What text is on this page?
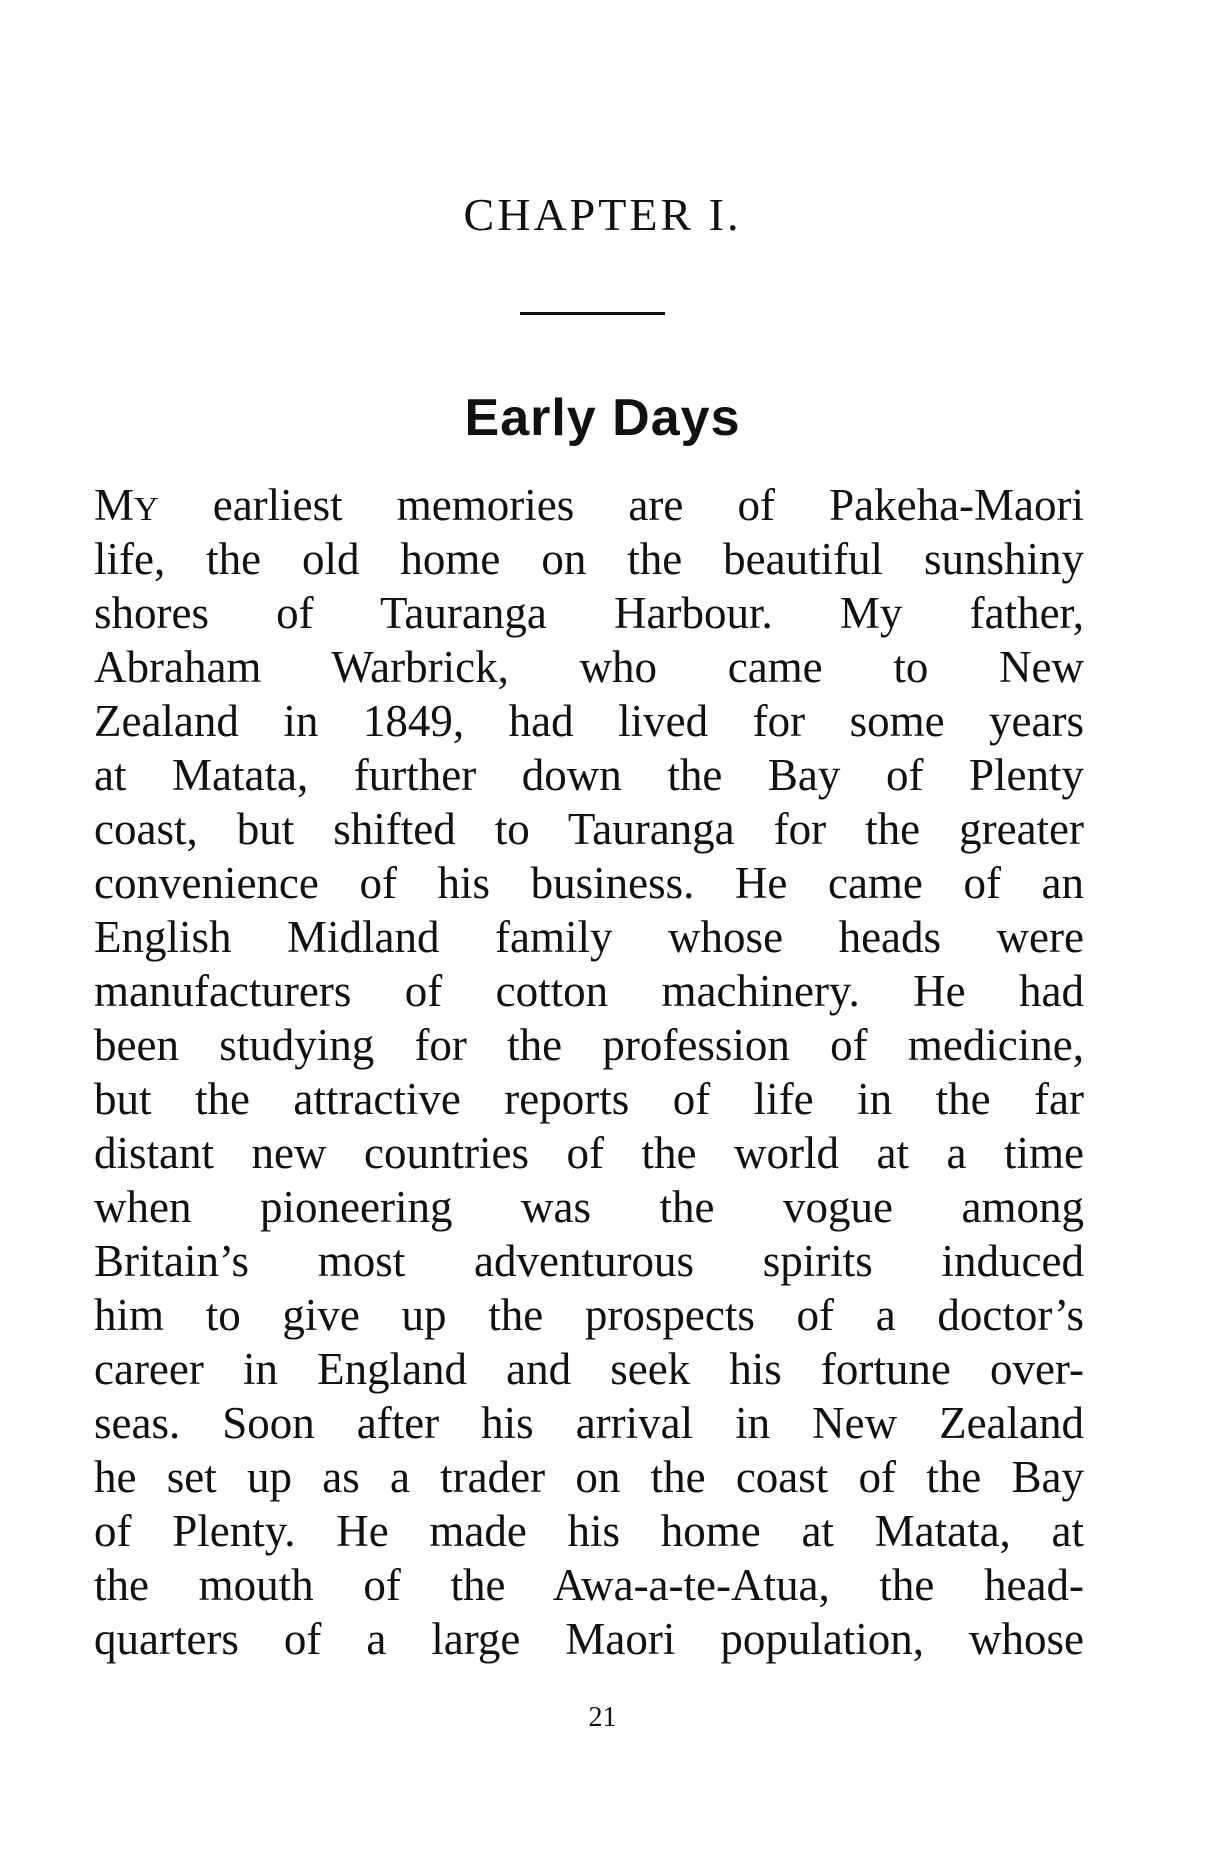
CHAPTER I.
Early Days
MY earliest memories are of Pakeha-Maori
life, the old home on the beautiful sunshiny
shores of Tauranga Harbour. My father,
Abraham Warbrick, who came to New
Zealand in 1849, had lived for some years
at Matata, further down the Bay of Plenty
coast, but shifted to Tauranga for the greater
convenience of his business. He came of an
English Midland family whose heads were
manufacturers of cotton machinery. He had
been studying for the profession of medicine,
but the attractive reports of life in the far
distant new countries of the world at a time
when pioneering was the vogue among
Britain’s most adventurous spirits induced
him to give up the prospects of a doctor’s
career in England and seek his fortune over-
seas. Soon after his arrival in New Zealand
he set up as a trader on the coast of the Bay
of Plenty. He made his home at Matata, at
the mouth of the Awa-a-te-Atua, the head-
quarters of a large Maori population, whose
21
